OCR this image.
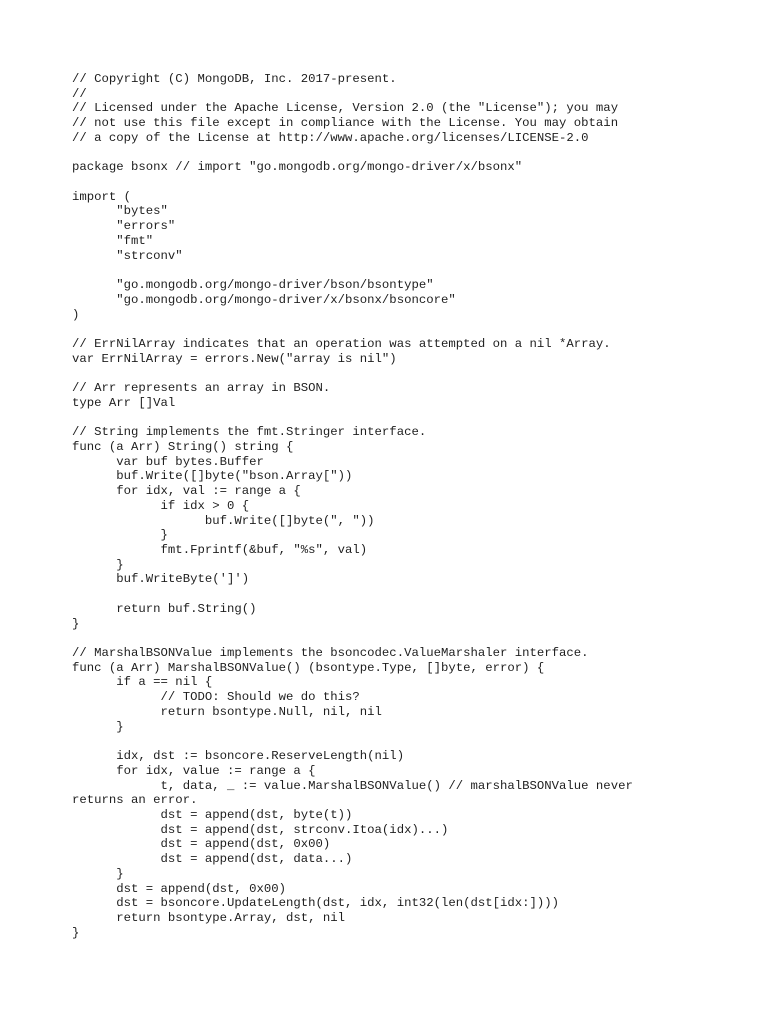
// Copyright (C) MongoDB, Inc. 2017-present.
//
// Licensed under the Apache License, Version 2.0 (the "License"); you may
// not use this file except in compliance with the License. You may obtain
// a copy of the License at http://www.apache.org/licenses/LICENSE-2.0
package bsonx // import "go.mongodb.org/mongo-driver/x/bsonx"
import (
"bytes"
"errors"
"fmt"
"strconv"
"go.mongodb.org/mongo-driver/bson/bsontype"
"go.mongodb.org/mongo-driver/x/bsonx/bsoncore"
)
// ErrNilArray indicates that an operation was attempted on a nil *Array.
var ErrNilArray = errors.New("array is nil")
// Arr represents an array in BSON.
type Arr []Val
// String implements the fmt.Stringer interface.
func (a Arr) String() string {
var buf bytes.Buffer
buf.Write([]byte("bson.Array["))
for idx, val := range a {
if idx > 0 {
buf.Write([]byte(", "))
}
fmt.Fprintf(&buf, "%s", val)
}
buf.WriteByte(']')
return buf.String()
}
// MarshalBSONValue implements the bsoncodec.ValueMarshaler interface.
func (a Arr) MarshalBSONValue() (bsontype.Type, []byte, error) {
if a == nil {
// TODO: Should we do this?
return bsontype.Null, nil, nil
}
idx, dst := bsoncore.ReserveLength(nil)
for idx, value := range a {
t, data, _ := value.MarshalBSONValue() // marshalBSONValue never
returns an error.
dst = append(dst, byte(t))
dst = append(dst, strconv.Itoa(idx)...)
dst = append(dst, 0x00)
dst = append(dst, data...)
}
dst = append(dst, 0x00)
dst = bsoncore.UpdateLength(dst, idx, int32(len(dst[idx:])))
return bsontype.Array, dst, nil
}
